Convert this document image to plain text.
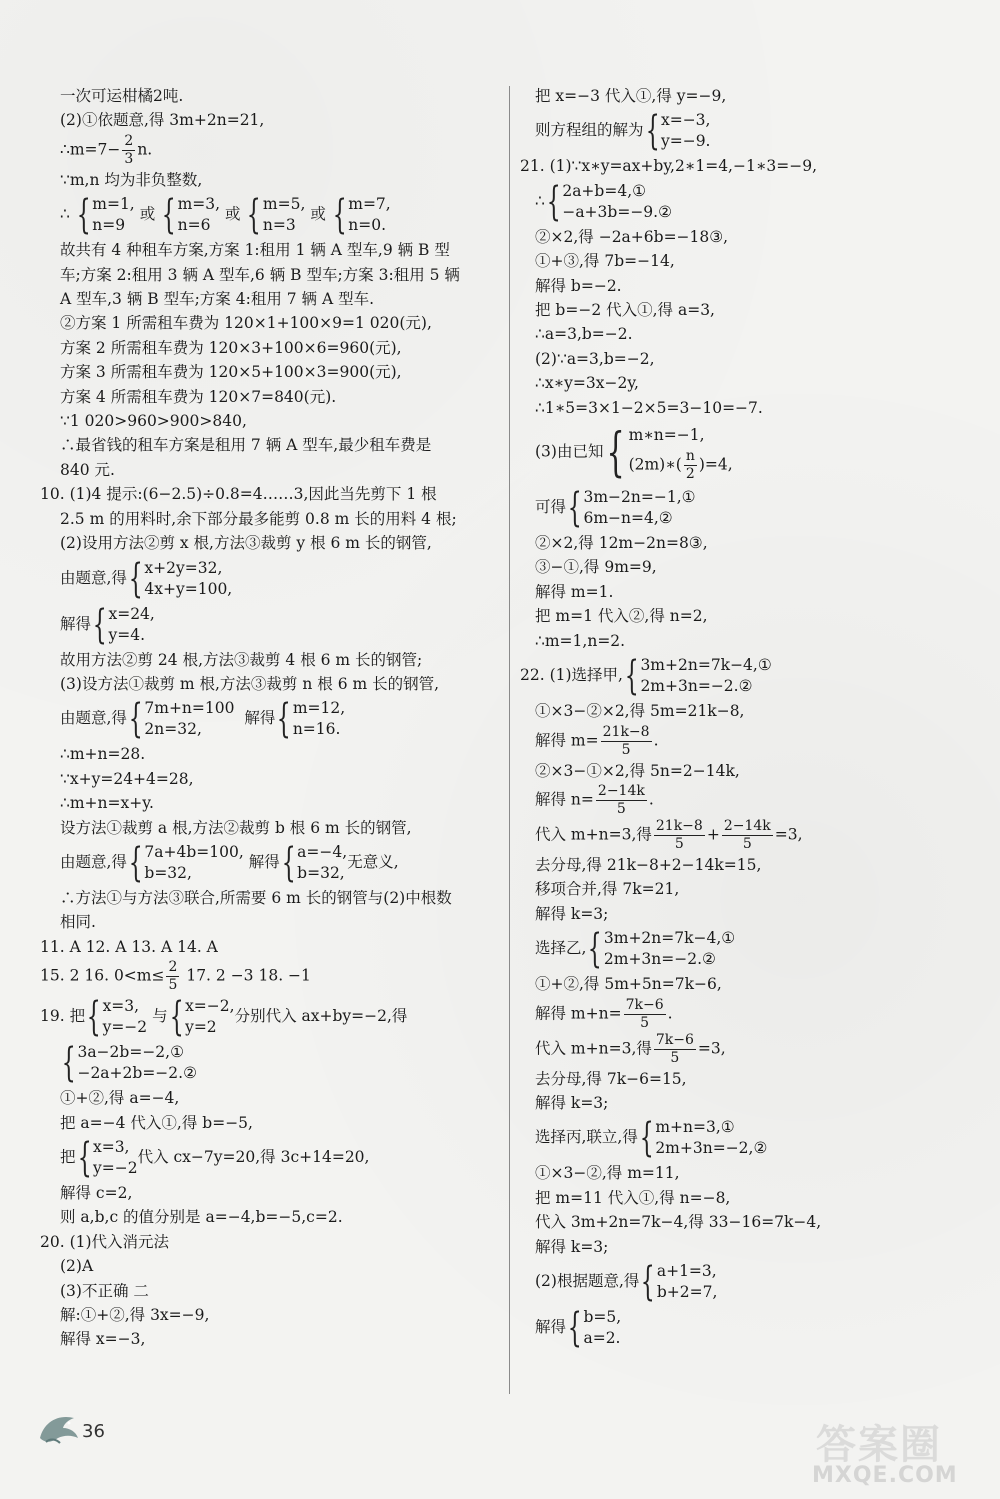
一次可运柑橘2吨.
(2)①依题意,得 3m+2n=21,
∴m=7− $\frac{2}{3} n$.
∵m,n 均为非负整数,
∴ { m=1,
n=9
或 { m=3,
n=6
或 { m=5,
n=3
或 { m=7,
n=0.
故共有 4 种租车方案,方案 1:租用 1 辆 A 型车,9 辆 B 型
车;方案 2:租用 3 辆 A 型车,6 辆 B 型车;方案 3:租用 5 辆
A 型车,3 辆 B 型车;方案 4:租用 7 辆 A 型车.
②方案 1 所需租车费为 120×1+100×9=1 020(元),
方案 2 所需租车费为 120×3+100×6=960(元),
方案 3 所需租车费为 120×5+100×3=900(元),
方案 4 所需租车费为 120×7=840(元).
∵1 020>960>900>840,
∴最省钱的租车方案是租用 7 辆 A 型车,最少租车费是
840 元.
10. (1)4 提示:(6−2.5)÷0.8=4……3,因此当先剪下 1 根
2.5 m 的用料时,余下部分最多能剪 0.8 m 长的用料 4 根;
(2)设用方法②剪 x 根,方法③裁剪 y 根 6 m 长的钢管,
由题意,得 { x+2y=32,
4x+y=100,
解得 { x=24,
y=4.
故用方法②剪 24 根,方法③裁剪 4 根 6 m 长的钢管;
(3)设方法①裁剪 m 根,方法③裁剪 n 根 6 m 长的钢管,
由题意,得 { 7m+n=100
2n=32,
解得 { m=12,
n=16.
∴m+n=28.
∵x+y=24+4=28,
∴m+n=x+y.
设方法①裁剪 a 根,方法②裁剪 b 根 6 m 长的钢管,
由题意,得 { 7a+4b=100,
b=32,
解得 { a=−4,
b=32,
无意义,
∴方法①与方法③联合,所需要 6 m 长的钢管与(2)中根数
相同.
11. A 12. A 13. A 14. A
15. 2 16. $0<m\le \frac{2}{5} 17$. 2 −3 18. −1
19. 把 { x=3,
y=−2
与 { x=−2,
y=2
分别代入 ax+by=−2,得
{ 3a−2b=−2,①
−2a+2b=−2.②
①+②,得 a=−4,
把 a=−4 代入①,得 b=−5,
把 { x=3,
y=−2
代入 cx−7y=20,得 3c+14=20,
解得 c=2,
则 a,b,c 的值分别是 a=−4,b=−5,c=2.
20. (1)代入消元法
(2)A
(3)不正确 二
解:①+②,得 3x=−9,
解得 x=−3,
把 x=−3 代入①,得 y=−9,
则方程组的解为 { x=−3,
y=−9.
21. (1)∵x∗y=ax+by,2∗1=4,−1∗3=−9,
∴ { 2a+b=4,①
−a+3b=−9.②
②×2,得 −2a+6b=−18③,
①+③,得 7b=−14,
解得 b=−2.
把 b=−2 代入①,得 a=3,
∴a=3,b=−2.
(2)∵a=3,b=−2,
∴x∗y=3x−2y,
∴1∗5=3×1−2×5=3−10=−7.
(3)由已知 { m∗n=−1,
(2m)∗( $\frac{n}{2} )=4$,
可得 { 3m−2n=−1,①
6m−n=4,②
②×2,得 12m−2n=8③,
③−①,得 9m=9,
解得 m=1.
把 m=1 代入②,得 n=2,
∴m=1,n=2.
22. (1)选择甲, { 3m+2n=7k−4,①
2m+3n=−2.②
①×3−②×2,得 5m=21k−8,
解得 $m= \frac{21k-8}{5}$ .
②×3−①×2,得 5n=2−14k,
解得 $n= \frac{2-14k}{5}$ .
代入 m+n=3,得 $\frac{21k-8}{5} + \frac{2-14k}{5} =3$,
去分母,得 21k−8+2−14k=15,
移项合并,得 7k=21,
解得 k=3;
选择乙, { 3m+2n=7k−4,①
2m+3n=−2.②
①+②,得 5m+5n=7k−6,
解得 $m+n= \frac{7k-6}{5}$ .
代入 m+n=3,得 $\frac{7k-6}{5} =3$,
去分母,得 7k−6=15,
解得 k=3;
选择丙,联立,得 { m+n=3,①
2m+3n=−2,②
①×3−②,得 m=11,
把 m=11 代入①,得 n=−8,
代入 3m+2n=7k−4,得 33−16=7k−4,
解得 k=3;
(2)根据题意,得 { a+1=3,
b+2=7,
解得 { b=5,
a=2.
36	答案圈
MXQE.COM
